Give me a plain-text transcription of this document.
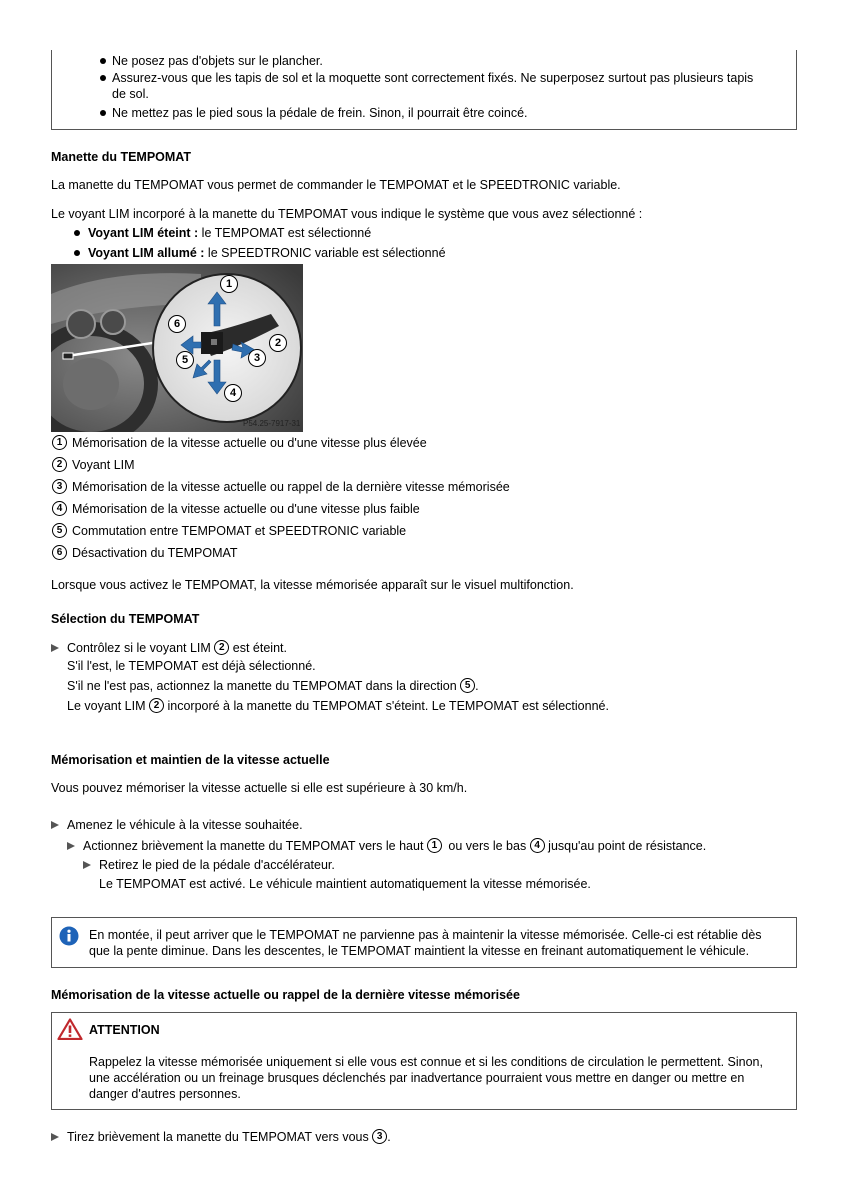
Ne posez pas d'objets sur le plancher.
Assurez-vous que les tapis de sol et la moquette sont correctement fixés. Ne superposez surtout pas plusieurs tapis
de sol.
Ne mettez pas le pied sous la pédale de frein. Sinon, il pourrait être coincé.
Manette du TEMPOMAT
La manette du TEMPOMAT vous permet de commander le TEMPOMAT et le SPEEDTRONIC variable.
Le voyant LIM incorporé à la manette du TEMPOMAT vous indique le système que vous avez sélectionné :
Voyant LIM éteint : le TEMPOMAT est sélectionné
Voyant LIM allumé : le SPEEDTRONIC variable est sélectionné
1
2
3
4
5
6
P54.25-7917-31
1 Mémorisation de la vitesse actuelle ou d'une vitesse plus élevée
2 Voyant LIM
3 Mémorisation de la vitesse actuelle ou rappel de la dernière vitesse mémorisée
4 Mémorisation de la vitesse actuelle ou d'une vitesse plus faible
5 Commutation entre TEMPOMAT et SPEEDTRONIC variable
6 Désactivation du TEMPOMAT
Lorsque vous activez le TEMPOMAT, la vitesse mémorisée apparaît sur le visuel multifonction.
Sélection du TEMPOMAT
Contrôlez si le voyant LIM 2 est éteint.
S'il l'est, le TEMPOMAT est déjà sélectionné.
S'il ne l'est pas, actionnez la manette du TEMPOMAT dans la direction 5 .
Le voyant LIM 2 incorporé à la manette du TEMPOMAT s'éteint. Le TEMPOMAT est sélectionné.
Mémorisation et maintien de la vitesse actuelle
Vous pouvez mémoriser la vitesse actuelle si elle est supérieure à 30 km/h.
Amenez le véhicule à la vitesse souhaitée.
Actionnez brièvement la manette du TEMPOMAT vers le haut 1 ou vers le bas 4 jusqu'au point de résistance.
Retirez le pied de la pédale d'accélérateur.
Le TEMPOMAT est activé. Le véhicule maintient automatiquement la vitesse mémorisée.
En montée, il peut arriver que le TEMPOMAT ne parvienne pas à maintenir la vitesse mémorisée. Celle-ci est rétablie dès
que la pente diminue. Dans les descentes, le TEMPOMAT maintient la vitesse en freinant automatiquement le véhicule.
Mémorisation de la vitesse actuelle ou rappel de la dernière vitesse mémorisée
ATTENTION
Rappelez la vitesse mémorisée uniquement si elle vous est connue et si les conditions de circulation le permettent. Sinon,
une accélération ou un freinage brusques déclenchés par inadvertance pourraient vous mettre en danger ou mettre en
danger d'autres personnes.
Tirez brièvement la manette du TEMPOMAT vers vous 3 .
